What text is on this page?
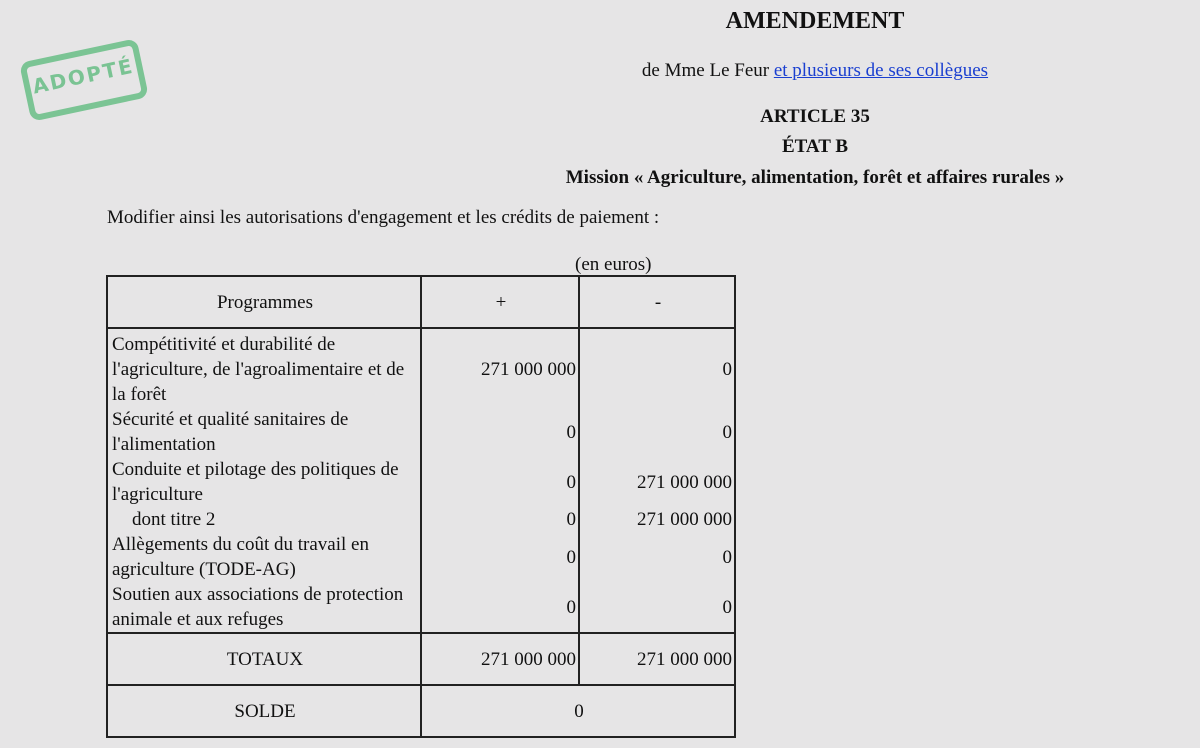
ADOPTÉ
AMENDEMENT
de Mme Le Feur et plusieurs de ses collègues
ARTICLE 35
ÉTAT B
Mission « Agriculture, alimentation, forêt et affaires rurales »
Modifier ainsi les autorisations d'engagement et les crédits de paiement :
(en euros)
Programmes	+	-
Compétitivité et durabilité de l'agriculture, de l'agroalimentaire et de la forêt	271 000 000	0
Sécurité et qualité sanitaires de l'alimentation	0	0
Conduite et pilotage des politiques de l'agriculture	0	271 000 000
dont titre 2	0	271 000 000
Allègements du coût du travail en agriculture (TODE-AG)	0	0
Soutien aux associations de protection animale et aux refuges	0	0
TOTAUX	271 000 000	271 000 000
SOLDE	0	
